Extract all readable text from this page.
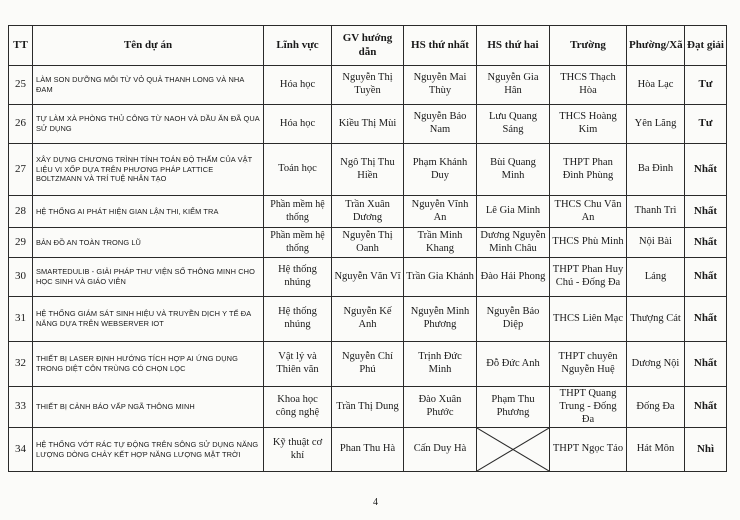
TT	Tên dự án	Lĩnh vực	GV hướng dẫn	HS thứ nhất	HS thứ hai	Trường	Phường/Xã	Đạt giải
25	LÀM SON DƯỠNG MÔI TỪ VỎ QUẢ THANH LONG VÀ NHA ĐAM	Hóa học	Nguyễn Thị Tuyền	Nguyễn Mai Thùy	Nguyễn Gia Hân	THCS Thạch Hòa	Hòa Lạc	Tư
26	TỰ LÀM XÀ PHÒNG THỦ CÔNG TỪ NAOH VÀ DẦU ĂN ĐÃ QUA SỬ DỤNG	Hóa học	Kiều Thị Mùi	Nguyễn Bảo Nam	Lưu Quang Sáng	THCS Hoàng Kim	Yên Lãng	Tư
27	XÂY DỰNG CHƯƠNG TRÌNH TÍNH TOÁN ĐỘ THẤM CỦA VẬT LIỆU VI XỐP DỰA TRÊN PHƯƠNG PHÁP LATTICE BOLTZMANN VÀ TRÍ TUỆ NHÂN TẠO	Toán học	Ngô Thị Thu Hiền	Phạm Khánh Duy	Bùi Quang Minh	THPT Phan Đình Phùng	Ba Đình	Nhất
28	HỆ THỐNG AI PHÁT HIỆN GIAN LẬN THI, KIỂM TRA	Phần mềm hệ thống	Trần Xuân Dương	Nguyễn Vĩnh An	Lê Gia Minh	THCS Chu Văn An	Thanh Trì	Nhất
29	BẢN ĐỒ AN TOÀN TRONG LŨ	Phần mềm hệ thống	Nguyễn Thị Oanh	Trần Minh Khang	Dương Nguyễn Minh Châu	THCS Phù Minh	Nội Bài	Nhất
30	SMARTEDULIB - GIẢI PHÁP THƯ VIỆN SỐ THÔNG MINH CHO HỌC SINH VÀ GIÁO VIÊN	Hệ thống nhúng	Nguyễn Văn Vĩ	Trần Gia Khánh	Đào Hải Phong	THPT Phan Huy Chú - Đống Đa	Láng	Nhất
31	HỆ THỐNG GIÁM SÁT SINH HIỆU VÀ TRUYỀN DỊCH Y TẾ ĐA NĂNG DỰA TRÊN WEBSERVER IOT	Hệ thống nhúng	Nguyễn Kế Anh	Nguyễn Minh Phương	Nguyễn Bảo Diệp	THCS Liên Mạc	Thượng Cát	Nhất
32	THIẾT BỊ LASER ĐỊNH HƯỚNG TÍCH HỢP AI ỨNG DỤNG TRONG DIỆT CÔN TRÙNG CÓ CHỌN LỌC	Vật lý và Thiên văn	Nguyễn Chí Phú	Trịnh Đức Minh	Đỗ Đức Anh	THPT chuyên Nguyễn Huệ	Dương Nội	Nhất
33	THIẾT BỊ CẢNH BÁO VẤP NGÃ THÔNG MINH	Khoa học công nghệ	Trần Thị Dung	Đào Xuân Phước	Phạm Thu Phương	THPT Quang Trung - Đống Đa	Đống Đa	Nhất
34	HỆ THỐNG VỚT RÁC TỰ ĐỘNG TRÊN SÔNG SỬ DỤNG NĂNG LƯỢNG DÒNG CHẢY KẾT HỢP NĂNG LƯỢNG MẶT TRỜI	Kỹ thuật cơ khí	Phan Thu Hà	Cấn Duy Hà		THPT Ngọc Tảo	Hát Môn	Nhì
4
